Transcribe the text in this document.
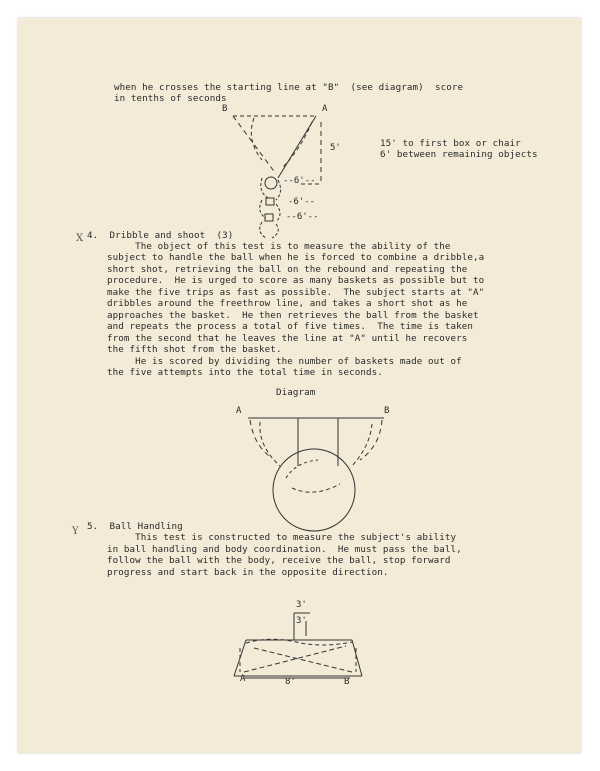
when he crosses the starting line at "B"  (see diagram)  score
in tenths of seconds
B	A
5'
--6'--
-6'--
--6'--
15' to first box or chair
6' between remaining objects
X 4.  Dribble and shoot  (3)
The object of this test is to measure the ability of the
subject to handle the ball when he is forced to combine a dribble,a
short shot, retrieving the ball on the rebound and repeating the
procedure.  He is urged to score as many baskets as possible but to
make the five trips as fast as possible.  The subject starts at "A"
dribbles around the freethrow line, and takes a short shot as he
approaches the basket.  He then retrieves the ball from the basket
and repeats the process a total of five times.  The time is taken
from the second that he leaves the line at "A" until he recovers
the fifth shot from the basket.
He is scored by dividing the number of baskets made out of
the five attempts into the total time in seconds.
Diagram
A	B
Y 5.  Ball Handling
This test is constructed to measure the subject's ability
in ball handling and body coordination.  He must pass the ball,
follow the ball with the body, receive the ball, stop forward
progress and start back in the opposite direction.
3'
3'
A	B
8'
